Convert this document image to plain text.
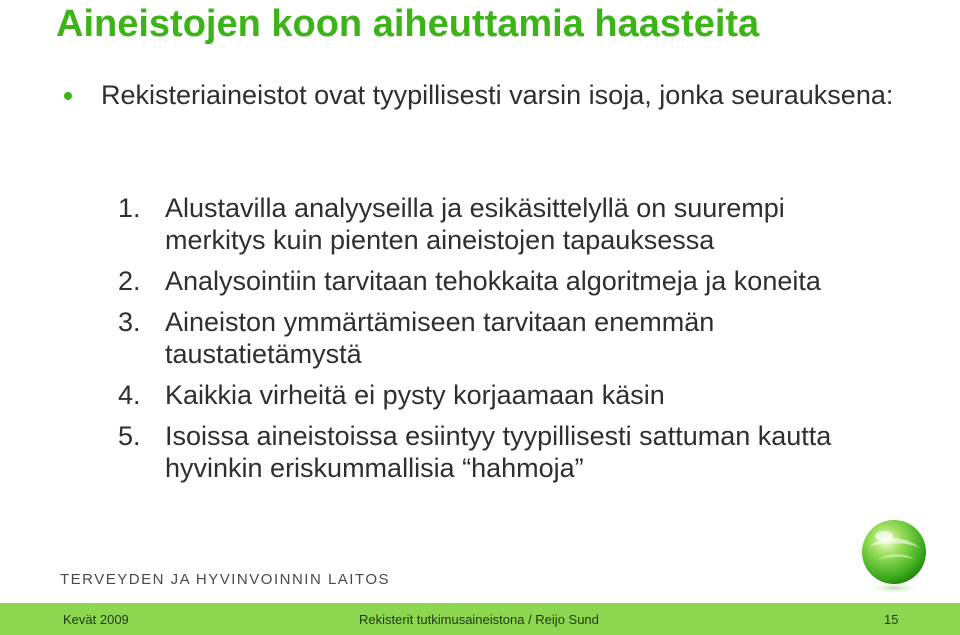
Aineistojen koon aiheuttamia haasteita
Rekisteriaineistot ovat tyypillisesti varsin isoja, jonka seurauksena:
1. Alustavilla analyyseilla ja esikäsittelyllä on suurempi merkitys kuin pienten aineistojen tapauksessa
2. Analysointiin tarvitaan tehokkaita algoritmeja ja koneita
3. Aineiston ymmärtämiseen tarvitaan enemmän taustatietämystä
4. Kaikkia virheitä ei pysty korjaamaan käsin
5. Isoissa aineistoissa esiintyy tyypillisesti sattuman kautta hyvinkin eriskummallisia “hahmoja”
TERVEYDEN JA HYVINVOINNIN LAITOS
Kevät 2009	Rekisterit tutkimusaineistona / Reijo Sund	15
